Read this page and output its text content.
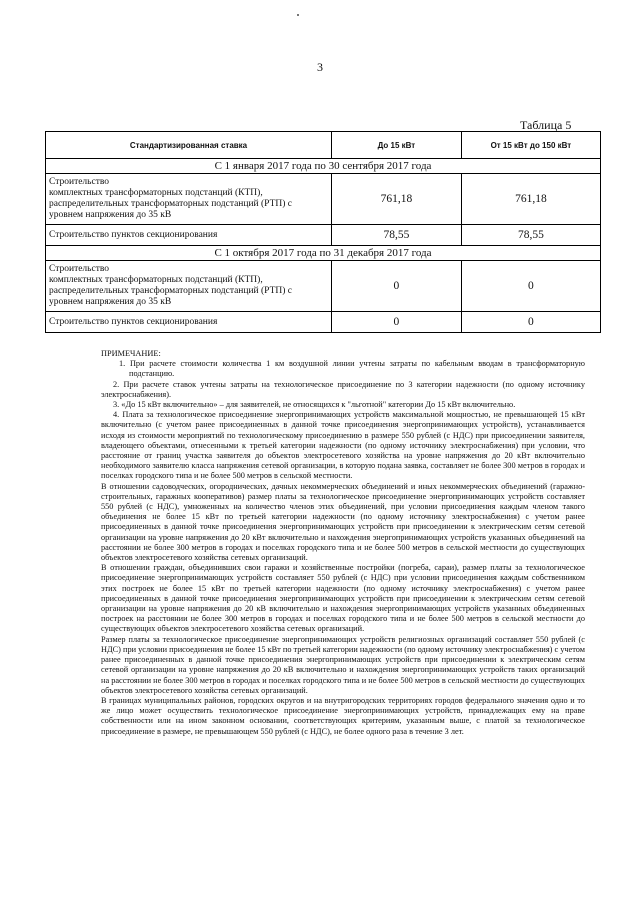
3
Таблица 5
Стандартизированная ставка	До 15 кВт	От 15 кВт до 150 кВт
С 1 января 2017 года по 30 сентября 2017 года		

Строительство
комплектных трансформаторных подстанций (КТП),
распределительных трансформаторных подстанций (РТП) с
уровнем напряжения до 35 кВ	761,18	761,18
Строительство пунктов секционирования	78,55	78,55
С 1 октября 2017 года по 31 декабря 2017 года		

Строительство
комплектных трансформаторных подстанций (КТП),
распределительных трансформаторных подстанций (РТП) с
уровнем напряжения до 35 кВ	0	0
Строительство пунктов секционирования	0	0

ПРИМЕЧАНИЕ:

1. При расчете стоимости количества 1 км воздушной линии учтены затраты по кабельным вводам в трансформаторную подстанцию.

2. При расчете ставок учтены затраты на технологическое присоединение по 3 категории надежности (по одному источнику электроснабжения).

3. «До 15 кВт включительно» – для заявителей, не относящихся к "льготной" категории До 15 кВт включительно.

4. Плата за технологическое присоединение энергопринимающих устройств максимальной мощностью, не превышающей 15 кВт включительно (с учетом ранее присоединенных в данной точке присоединения энергопринимающих устройств), устанавливается исходя из стоимости мероприятий по технологическому присоединению в размере 550 рублей (с НДС) при присоединении заявителя, владеющего объектами, отнесенными к третьей категории надежности (по одному источнику электроснабжения) при условии, что расстояние от границ участка заявителя до объектов электросетевого хозяйства на уровне напряжения до 20 кВт включительно необходимого заявителю класса напряжения сетевой организации, в которую подана заявка, составляет не более 300 метров в городах и поселках городского типа и не более 500 метров в сельской местности.

В отношении садоводческих, огороднических, дачных некоммерческих объединений и иных некоммерческих объединений (гаражно-строительных, гаражных кооперативов) размер платы за технологическое присоединение энергопринимающих устройств составляет 550 рублей (с НДС), умноженных на количество членов этих объединений, при условии присоединения каждым членом такого объединения не более 15 кВт по третьей категории надежности (по одному источнику электроснабжения) с учетом ранее присоединенных в данной точке присоединения энергопринимающих устройств при присоединении к электрическим сетям сетевой организации на уровне напряжения до 20 кВт включительно и нахождения энергопринимающих устройств указанных объединений на расстоянии не более 300 метров в городах и поселках городского типа и не более 500 метров в сельской местности до существующих объектов электросетевого хозяйства сетевых организаций.

В отношении граждан, объединивших свои гаражи и хозяйственные постройки (погреба, сараи), размер платы за технологическое присоединение энергопринимающих устройств составляет 550 рублей (с НДС) при условии присоединения каждым собственником этих построек не более 15 кВт по третьей категории надежности (по одному источнику электроснабжения) с учетом ранее присоединенных в данной точке присоединения энергопринимающих устройств при присоединении к электрическим сетям сетевой организации на уровне напряжения до 20 кВ включительно и нахождения энергопринимающих устройств указанных объединенных построек на расстоянии не более 300 метров в городах и поселках городского типа и не более 500 метров в сельской местности до существующих объектов электросетевого хозяйства сетевых организаций.

Размер платы за технологическое присоединение энергопринимающих устройств религиозных организаций составляет 550 рублей (с НДС) при условии присоединения не более 15 кВт по третьей категории надежности (по одному источнику электроснабжения) с учетом ранее присоединенных в данной точке присоединения энергопринимающих устройств при присоединении к электрическим сетям сетевой организации на уровне напряжения до 20 кВ включительно и нахождения энергопринимающих устройств таких организаций на расстоянии не более 300 метров в городах и поселках городского типа и не более 500 метров в сельской местности до существующих объектов электросетевого хозяйства сетевых организаций.

В границах муниципальных районов, городских округов и на внутригородских территориях городов федерального значения одно и то же лицо может осуществить технологическое присоединение энергопринимающих устройств, принадлежащих ему на праве собственности или на ином законном основании, соответствующих критериям, указанным выше, с платой за технологическое присоединение в размере, не превышающем 550 рублей (с НДС), не более одного раза в течение 3 лет.
